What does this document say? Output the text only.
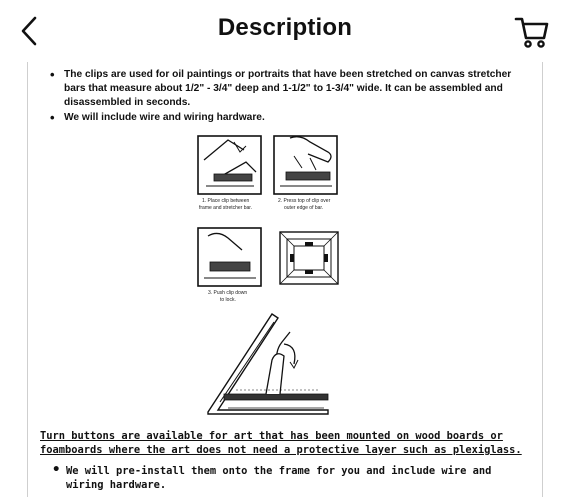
Description
• The clips are used for oil paintings or portraits that have been stretched on canvas stretcher bars that measure about 1/2" - 3/4" deep and 1-1/2" to 1-3/4" wide. It can be assembled and disassembled in seconds.
• We will include wire and wiring hardware.
1. Place clip between
frame and stretcher bar.
2. Press top of clip over
outer edge of bar.
3. Push clip down
to lock.
Turn buttons are available for art that has been mounted on wood boards or foamboards where the art does not need a protective layer such as plexiglass.
• We will pre-install them onto the frame for you and include wire and wiring hardware.
